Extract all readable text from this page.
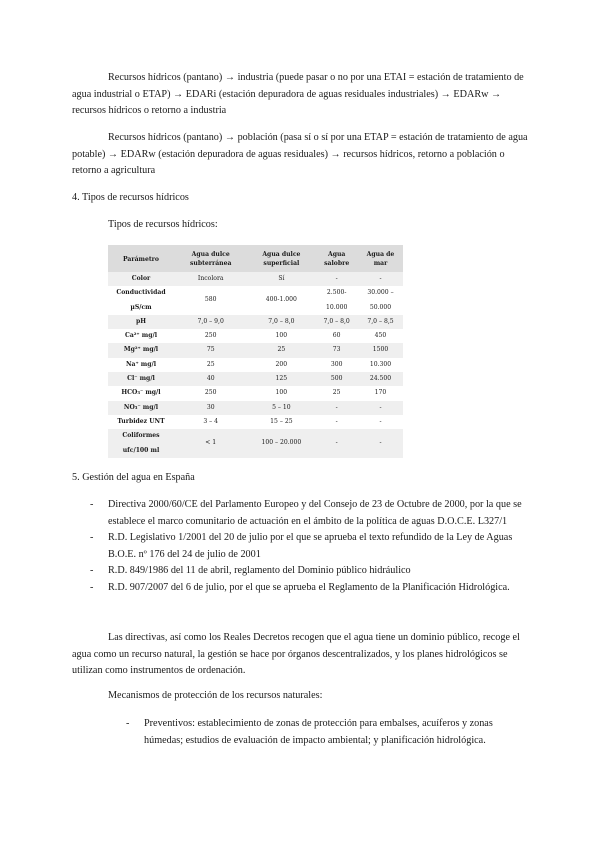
Recursos hídricos (pantano) → industria (puede pasar o no por una ETAI = estación de tratamiento de agua industrial o ETAP) → EDARi (estación depuradora de aguas residuales industriales) → EDARw → recursos hídricos o retorno a industria

Recursos hídricos (pantano) → población (pasa sí o sí por una ETAP = estación de tratamiento de agua potable) → EDARw (estación depuradora de aguas residuales) → recursos hídricos, retorno a población o retorno a agricultura

4. Tipos de recursos hídricos

Tipos de recursos hídricos:

Parámetro	Agua dulce subterránea	Agua dulce superficial	Agua salobre	Agua de mar
Color	Incolora	Sí	-	-
Conductividad µS/cm	580	400-1.000	2.500-10.000	30.000 – 50.000
pH	7,0 – 9,0	7,0 – 8,0	7,0 – 8,0	7,0 – 8,5
Ca²⁺ mg/l	250	100	60	450
Mg²⁺ mg/l	75	25	73	1500
Na⁺ mg/l	25	200	300	10.300
Cl⁻ mg/l	40	125	500	24.500
HCO₃⁻ mg/l	250	100	25	170
NO₃⁻ mg/l	30	5 – 10	-	-
Turbidez UNT	3 – 4	15 – 25	-	-
Coliformes ufc/100 ml	< 1	100 – 20.000	-	-

5. Gestión del agua en España

- Directiva 2000/60/CE del Parlamento Europeo y del Consejo de 23 de Octubre de 2000, por la que se establece el marco comunitario de actuación en el ámbito de la política de aguas D.O.C.E. L327/1
- R.D. Legislativo 1/2001 del 20 de julio por el que se aprueba el texto refundido de la Ley de Aguas B.O.E. nº 176 del 24 de julio de 2001
- R.D. 849/1986 del 11 de abril, reglamento del Dominio público hidráulico
- R.D. 907/2007 del 6 de julio, por el que se aprueba el Reglamento de la Planificación Hidrológica.

Las directivas, así como los Reales Decretos recogen que el agua tiene un dominio público, recoge el agua como un recurso natural, la gestión se hace por órganos descentralizados, y los planes hidrológicos se utilizan como instrumentos de ordenación.

Mecanismos de protección de los recursos naturales:

- Preventivos: establecimiento de zonas de protección para embalses, acuíferos y zonas húmedas; estudios de evaluación de impacto ambiental; y planificación hidrológica.
